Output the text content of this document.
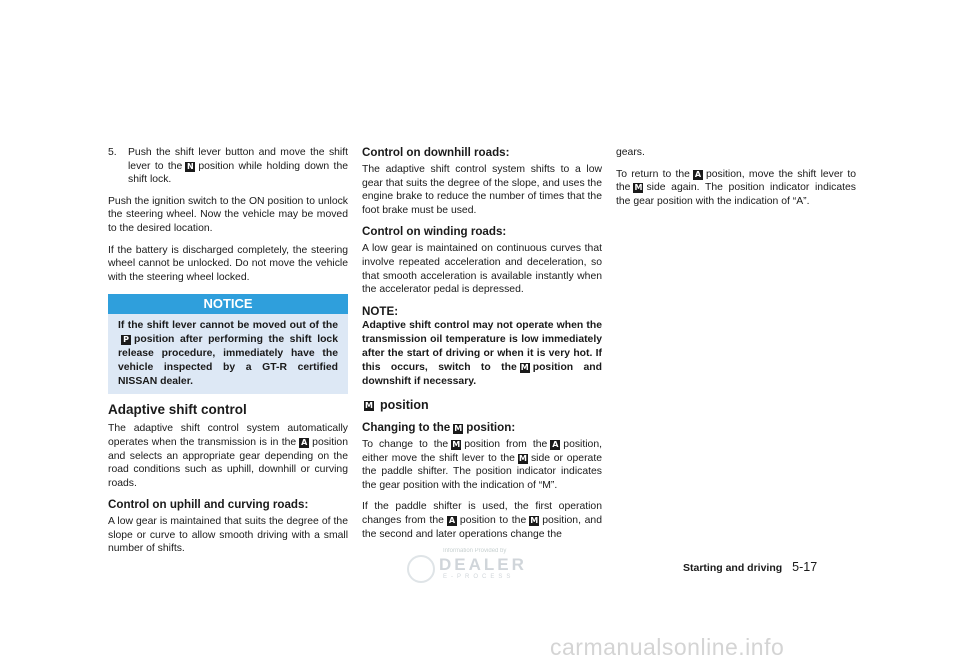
5.	Push the shift lever button and move the shift lever to the N position while holding down the shift lock.

Push the ignition switch to the ON position to unlock the steering wheel. Now the vehicle may be moved to the desired location.

If the battery is discharged completely, the steering wheel cannot be unlocked. Do not move the vehicle with the steering wheel locked.

NOTICE
If the shift lever cannot be moved out of theP position after performing the shift lock release procedure, immediately have the vehicle inspected by a GT-R certified NISSAN dealer.
Adaptive shift control

The adaptive shift control system automatically operates when the transmission is in the A position and selects an appropriate gear depending on the road conditions such as uphill, downhill or curving roads.

Control on uphill and curving roads:

A low gear is maintained that suits the degree of the slope or curve to allow smooth driving with a small number of shifts.

Control on downhill roads:

The adaptive shift control system shifts to a low gear that suits the degree of the slope, and uses the engine brake to reduce the number of times that the foot brake must be used.

Control on winding roads:

A low gear is maintained on continuous curves that involve repeated acceleration and deceleration, so that smooth acceleration is available instantly when the accelerator pedal is depressed.

NOTE:
Adaptive shift control may not operate when the transmission oil temperature is low immediately after the start of driving or when it is very hot. If this occurs, switch to the M position and downshift if necessary.
M position
Changing to the M position:

To change to the M position from the A position, either move the shift lever to the M side or operate the paddle shifter. The position indicator indicates the gear position with the indication of “M”.

If the paddle shifter is used, the first operation changes from the A position to the M position, and the second and later operations change the

gears.

To return to the A position, move the shift lever to the M side again. The position indicator indicates the gear position with the indication of “A”.

Information Provided by
DEALER
E-PROCESS
Starting and driving 5-17
carmanualsonline.info
